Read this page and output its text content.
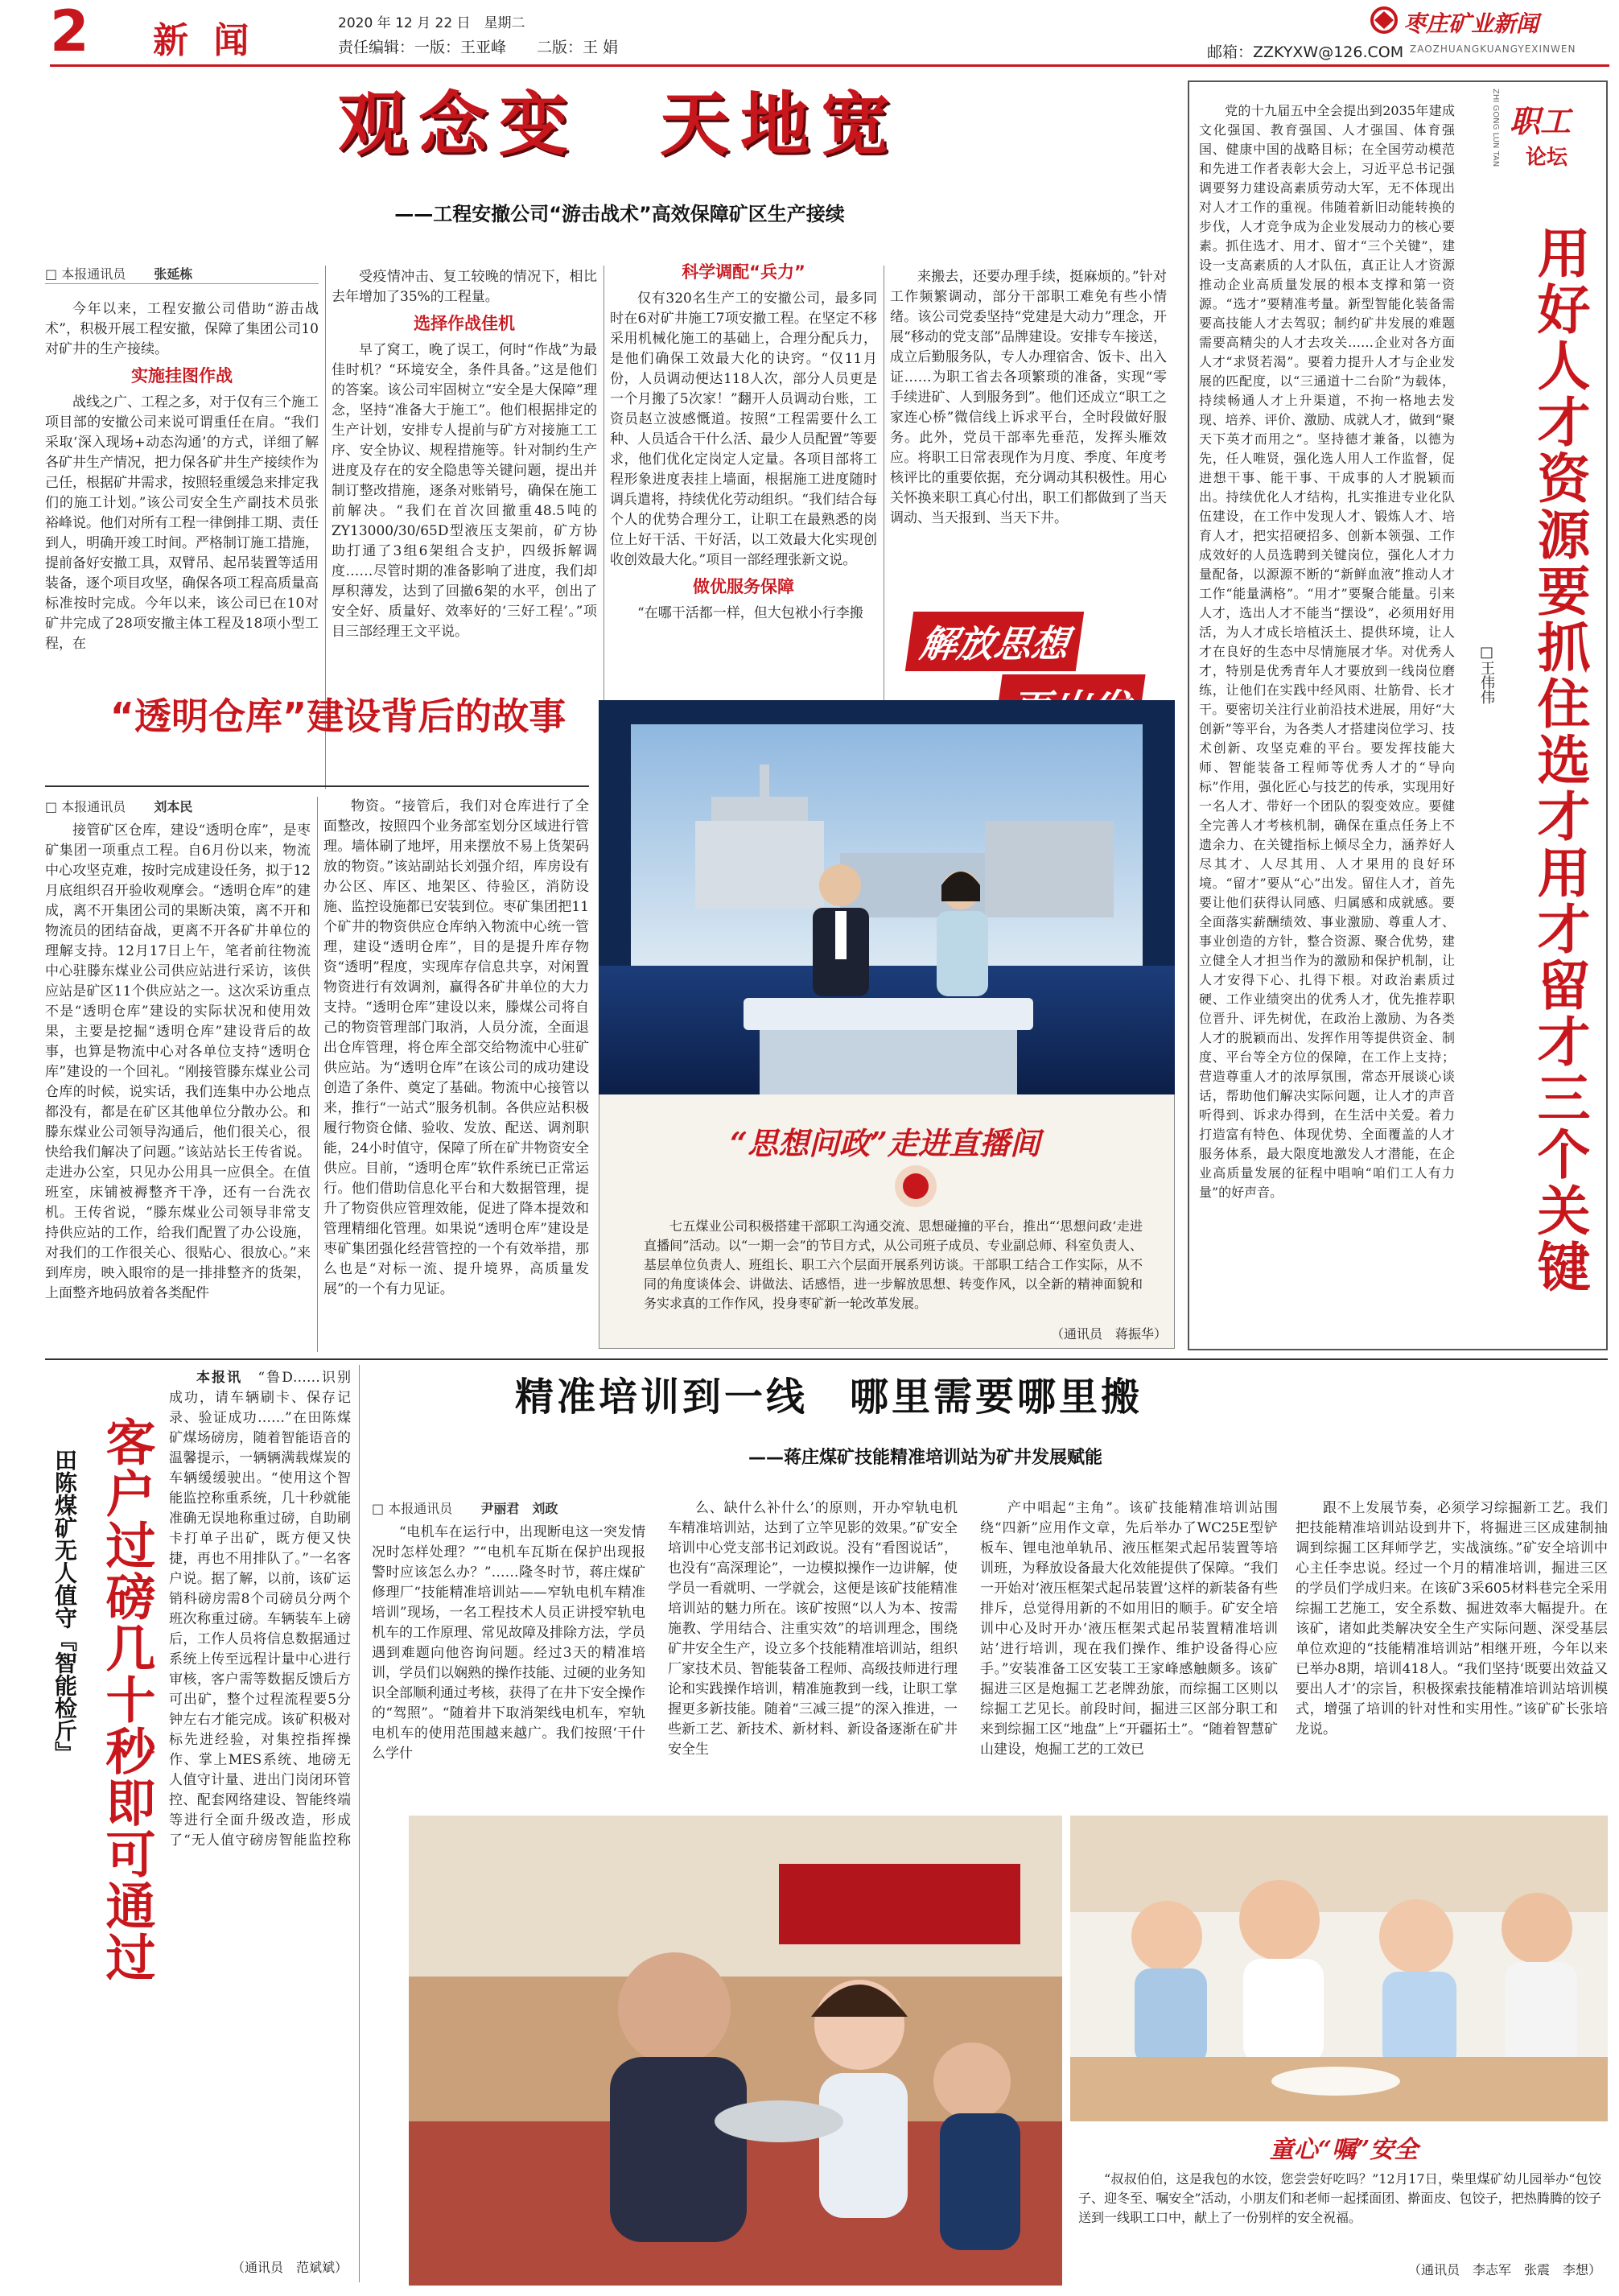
2 新 闻	2020 年 12 月 22 日　星期二
责任编辑：一版：王亚峰　　二版：王 娟
枣庄矿业新闻
邮箱：ZZKYXW@126.COM ZAOZHUANGKUANGYEXINWEN
观念变　天地宽
——工程安撤公司“游击战术”高效保障矿区生产接续
□ 本报通讯员 张延栋

今年以来，工程安撤公司借助“游击战术”，积极开展工程安撤，保障了集团公司10对矿井的生产接续。

实施挂图作战

战线之广、工程之多，对于仅有三个施工项目部的安撤公司来说可谓重任在肩。“我们采取‘深入现场+动态沟通’的方式，详细了解各矿井生产情况，把力保各矿井生产接续作为己任，根据矿井需求，按照轻重缓急来排定我们的施工计划。”该公司安全生产副技术员张裕峰说。他们对所有工程一律倒排工期、责任到人，明确开竣工时间。严格制订施工措施，提前备好安撤工具，双臂吊、起吊装置等适用装备，逐个项目攻坚，确保各项工程高质量高标准按时完成。今年以来，该公司已在10对矿井完成了28项安撤主体工程及18项小型工程，在

受疫情冲击、复工较晚的情况下，相比去年增加了35%的工程量。

选择作战佳机

早了窝工，晚了误工，何时“作战”为最佳时机？“环境安全，条件具备。”这是他们的答案。该公司牢固树立“安全是大保障”理念，坚持“准备大于施工”。他们根据排定的生产计划，安排专人提前与矿方对接施工工序、安全协议、规程措施等。针对制约生产进度及存在的安全隐患等关键问题，提出并制订整改措施，逐条对账销号，确保在施工前解决。“我们在首次回撤重48.5吨的ZY13000/30/65D型液压支架前，矿方协助打通了3组6架组合支护，四级拆解调度……尽管时期的准备影响了进度，我们却厚积薄发，达到了回撤6架的水平，创出了安全好、质量好、效率好的‘三好工程’。”项目三部经理王文平说。

科学调配“兵力”

仅有320名生产工的安撤公司，最多同时在6对矿井施工7项安撤工程。在坚定不移采用机械化施工的基础上，合理分配兵力，是他们确保工效最大化的诀窍。“仅11月份，人员调动便达118人次，部分人员更是一个月搬了5次家！”翻开人员调动台账，工资员赵立波感慨道。按照“工程需要什么工种、人员适合干什么活、最少人员配置”等要求，他们优化定岗定人定量。各项目部将工程形象进度表挂上墙面，根据施工进度随时调兵遣将，持续优化劳动组织。“我们结合每个人的优势合理分工，让职工在最熟悉的岗位上好干活、干好活，以工效最大化实现创收创效最大化。”项目一部经理张新文说。

做优服务保障

“在哪干活都一样，但大包袱小行李搬

来搬去，还要办理手续，挺麻烦的。”针对工作频繁调动，部分干部职工难免有些小情绪。该公司党委坚持“党建是大动力”理念，开展“移动的党支部”品牌建设。安排专车接送，成立后勤服务队，专人办理宿舍、饭卡、出入证……为职工省去各项繁琐的准备，实现“零手续进矿、人到服务到”。他们还成立“职工之家连心桥”微信线上诉求平台，全时段做好服务。此外，党员干部率先垂范，发挥头雁效应。将职工日常表现作为月度、季度、年度考核评比的重要依据，充分调动其积极性。用心关怀换来职工真心付出，职工们都做到了当天调动、当天报到、当天下井。

解放思想
职工
论坛
ZHI GONG LUN TAN
用好人才资源要抓住选才用才留才三个关键
□王伟伟

党的十九届五中全会提出到2035年建成文化强国、教育强国、人才强国、体育强国、健康中国的战略目标；在全国劳动模范和先进工作者表彰大会上，习近平总书记强调要努力建设高素质劳动大军，无不体现出对人才工作的重视。伟随着新旧动能转换的步伐，人才竞争成为企业发展动力的核心要素。抓住选才、用才、留才“三个关键”，建设一支高素质的人才队伍，真正让人才资源推动企业高质量发展的根本支撑和第一资源。“选才”要精准考量。新型智能化装备需要高技能人才去驾驭；制约矿井发展的难题需要高精尖的人才去攻关……企业对各方面人才“求贤若渴”。要着力提升人才与企业发展的匹配度，以“三通道十二台阶”为载体，持续畅通人才上升渠道，不拘一格地去发现、培养、评价、激励、成就人才，做到“聚天下英才而用之”。坚持德才兼备，以德为先，任人唯贤，强化选人用人工作监督，促进想干事、能干事、干成事的人才脱颖而出。持续优化人才结构，扎实推进专业化队伍建设，在工作中发现人才、锻炼人才、培育人才，把实招硬招多、创新本领强、工作成效好的人员选聘到关键岗位，强化人才力量配备，以源源不断的“新鲜血液”推动人才工作“能量满格”。“用才”要聚合能量。引来人才，选出人才不能当“摆设”，必须用好用活，为人才成长培植沃土、提供环境，让人才在良好的生态中尽情施展才华。对优秀人才，特别是优秀青年人才要放到一线岗位磨练，让他们在实践中经风雨、壮筋骨、长才干。要密切关注行业前沿技术进展，用好“大创新”等平台，为各类人才搭建岗位学习、技术创新、攻坚克难的平台。要发挥技能大师、智能装备工程师等优秀人才的“导向标”作用，强化匠心与技艺的传承，实现用好一名人才、带好一个团队的裂变效应。要健全完善人才考核机制，确保在重点任务上不遗余力、在关键指标上倾尽全力，涵养好人尽其才、人尽其用、人才果用的良好环境。“留才”要从“心”出发。留住人才，首先要让他们获得认同感、归属感和成就感。要全面落实薪酬绩效、事业激励、尊重人才、事业创造的方针，整合资源、聚合优势，建立健全人才担当作为的激励和保护机制，让人才安得下心、扎得下根。对政治素质过硬、工作业绩突出的优秀人才，优先推荐职位晋升、评先树优，在政治上激励、为各类人才的脱颖而出、发挥作用等提供资金、制度、平台等全方位的保障，在工作上支持；营造尊重人才的浓厚氛围，常态开展谈心谈话，帮助他们解决实际问题，让人才的声音听得到、诉求办得到，在生活中关爱。着力打造富有特色、体现优势、全面覆盖的人才服务体系，最大限度地激发人才潜能，在企业高质量发展的征程中唱响“咱们工人有力量”的好声音。

“透明仓库”建设背后的故事
□ 本报通讯员 刘本民

接管矿区仓库，建设“透明仓库”，是枣矿集团一项重点工程。自6月份以来，物流中心攻坚克难，按时完成建设任务，拟于12月底组织召开验收观摩会。“透明仓库”的建成，离不开集团公司的果断决策，离不开和物流员的团结奋战，更离不开各矿井单位的理解支持。12月17日上午，笔者前往物流中心驻滕东煤业公司供应站进行采访，该供应站是矿区11个供应站之一。这次采访重点不是“透明仓库”建设的实际状况和使用效果，主要是挖掘“透明仓库”建设背后的故事，也算是物流中心对各单位支持“透明仓库”建设的一个回礼。“刚接管滕东煤业公司仓库的时候，说实话，我们连集中办公地点都没有，都是在矿区其他单位分散办公。和滕东煤业公司领导沟通后，他们很关心，很快给我们解决了问题。”该站站长王传省说。走进办公室，只见办公用具一应俱全。在值班室，床铺被褥整齐干净，还有一台洗衣机。王传省说，“滕东煤业公司领导非常支持供应站的工作，给我们配置了办公设施，对我们的工作很关心、很贴心、很放心。”来到库房，映入眼帘的是一排排整齐的货架，上面整齐地码放着各类配件

物资。“接管后，我们对仓库进行了全面整改，按照四个业务部室划分区域进行管理。墙体刷了地坪，用来摆放不易上货架码放的物资。”该站副站长刘强介绍，库房设有办公区、库区、地架区、待验区，消防设施、监控设施都已安装到位。枣矿集团把11个矿井的物资供应仓库纳入物流中心统一管理，建设“透明仓库”，目的是提升库存物资“透明”程度，实现库存信息共享，对闲置物资进行有效调剂，赢得各矿井单位的大力支持。“透明仓库”建设以来，滕煤公司将自己的物资管理部门取消，人员分流，全面退出仓库管理，将仓库全部交给物流中心驻矿供应站。为“透明仓库”在该公司的成功建设创造了条件、奠定了基础。物流中心接管以来，推行“一站式”服务机制。各供应站积极履行物资仓储、验收、发放、配送、调剂职能，24小时值守，保障了所在矿井物资安全供应。目前，“透明仓库”软件系统已正常运行。他们借助信息化平台和大数据管理，提升了物资供应管理效能，促进了降本提效和管理精细化管理。如果说“透明仓库”建设是枣矿集团强化经营管控的一个有效举措，那么也是“对标一流、提升境界，高质量发展”的一个有力见证。

“思想问政”走进直播间
七五煤业公司积极搭建干部职工沟通交流、思想碰撞的平台，推出“‘思想问政’走进直播间”活动。以“一期一会”的节目方式，从公司班子成员、专业副总师、科室负责人、基层单位负责人、班组长、职工六个层面开展系列访谈。干部职工结合工作实际，从不同的角度谈体会、讲做法、话感悟，进一步解放思想、转变作风，以全新的精神面貌和务实求真的工作作风，投身枣矿新一轮改革发展。
（通讯员　蒋振华）
客户过磅几十秒即可通过
田陈煤矿无人值守『智能检斤』

本报讯　 “鲁D……识别成功，请车辆刷卡、保存记录、验证成功……”在田陈煤矿煤场磅房，随着智能语音的温馨提示，一辆辆满载煤炭的车辆缓缓驶出。“使用这个智能监控称重系统，几十秒就能准确无误地称重过磅，自助刷卡打单子出矿，既方便又快捷，再也不用排队了。”一名客户说。据了解，以前，该矿运销科磅房需8个司磅员分两个班次称重过磅。车辆装车上磅后，工作人员将信息数据通过系统上传至远程计量中心进行审核，客户需等数据反馈后方可出矿，整个过程流程要5分钟左右才能完成。该矿积极对标先进经验，对集控指挥操作、掌上MES系统、地磅无人值守计量、进出门岗闭环管控、配套网络建设、智能终端等进行全面升级改造，形成了“无人值守磅房智能监控称

（通讯员　范斌斌）
精准培训到一线　哪里需要哪里搬
——蒋庄煤矿技能精准培训站为矿井发展赋能
□ 本报通讯员 尹丽君　刘政

“电机车在运行中，出现断电这一突发情况时怎样处理？”“电机车瓦斯在保护出现报警时应该怎么办？”……隆冬时节，蒋庄煤矿修理厂“技能精准培训站——窄轨电机车精准培训”现场，一名工程技术人员正讲授窄轨电机车的工作原理、常见故障及排除方法，学员遇到难题向他咨询问题。经过3天的精准培训，学员们以娴熟的操作技能、过硬的业务知识全部顺利通过考核，获得了在井下安全操作的“驾照”。“随着井下取消架线电机车，窄轨电机车的使用范围越来越广。我们按照‘干什么学什

么、缺什么补什么’的原则，开办窄轨电机车精准培训站，达到了立竿见影的效果。”矿安全培训中心党支部书记刘政说。没有“看图说话”，也没有“高深理论”，一边模拟操作一边讲解，使学员一看就明、一学就会，这便是该矿技能精准培训站的魅力所在。该矿按照“以人为本、按需施教、学用结合、注重实效”的培训理念，围绕矿井安全生产，设立多个技能精准培训站，组织厂家技术员、智能装备工程师、高级技师进行理论和实践操作培训，精准施教到一线，让职工掌握更多新技能。随着“三减三提”的深入推进，一些新工艺、新技术、新材料、新设备逐渐在矿井安全生

产中唱起“主角”。该矿技能精准培训站围绕“四新”应用作文章，先后举办了WC25E型铲板车、锂电池单轨吊、液压框架式起吊装置等培训班，为释放设备最大化效能提供了保障。“我们一开始对‘液压框架式起吊装置’这样的新装备有些排斥，总觉得用新的不如用旧的顺手。矿安全培训中心及时开办‘液压框架式起吊装置精准培训站’进行培训，现在我们操作、维护设备得心应手。”安装准备工区安装工王家峰感触颇多。该矿掘进三区是炮掘工艺老牌劲旅，而综掘工区则以综掘工艺见长。前段时间，掘进三区部分职工和来到综掘工区“地盘”上“开疆拓土”。“随着智慧矿山建设，炮掘工艺的工效已

跟不上发展节奏，必须学习综掘新工艺。我们把技能精准培训站设到井下，将掘进三区成建制抽调到综掘工区拜师学艺，实战演练。”矿安全培训中心主任李忠说。经过一个月的精准培训，掘进三区的学员们学成归来。在该矿3采605材料巷完全采用综掘工艺施工，安全系数、掘进效率大幅提升。在该矿，诸如此类解决安全生产实际问题、深受基层单位欢迎的“技能精准培训站”相继开班，今年以来已举办8期，培训418人。“我们坚持‘既要出效益又要出人才’的宗旨，积极探索技能精准培训站培训模式，增强了培训的针对性和实用性。”该矿矿长张培龙说。

童心“嘱”安全
“叔叔伯伯，这是我包的水饺，您尝尝好吃吗？”12月17日，柴里煤矿幼儿园举办“包饺子、迎冬至、嘱安全”活动，小朋友们和老师一起揉面团、擀面皮、包饺子，把热腾腾的饺子送到一线职工口中，献上了一份别样的安全祝福。
（通讯员　李志军　张震　李想）
